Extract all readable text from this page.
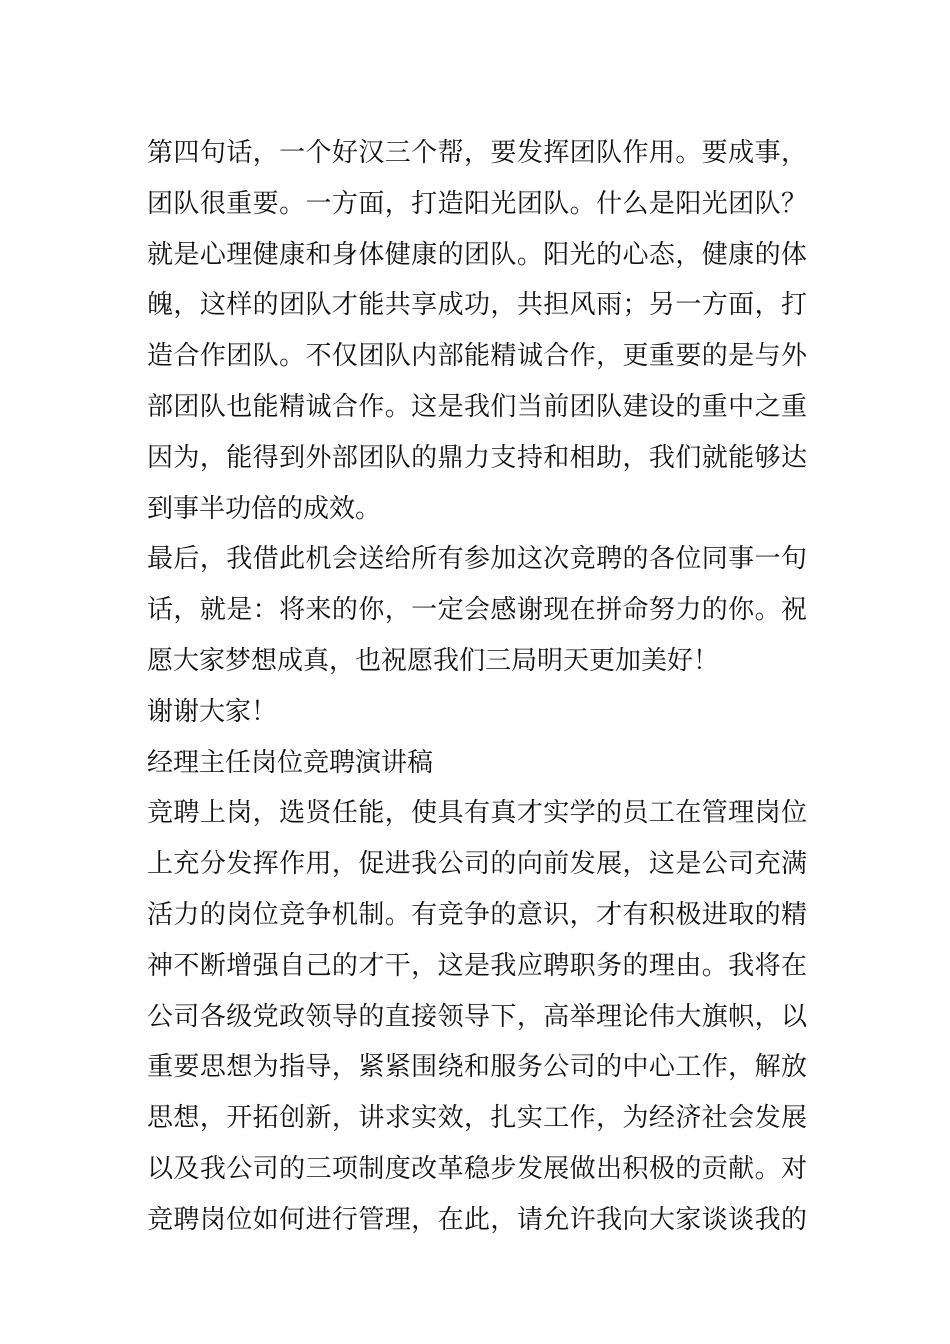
第四句话，一个好汉三个帮，要发挥团队作用。要成事，
团队很重要。一方面，打造阳光团队。什么是阳光团队？
就是心理健康和身体健康的团队。阳光的心态，健康的体
魄，这样的团队才能共享成功，共担风雨；另一方面，打
造合作团队。不仅团队内部能精诚合作，更重要的是与外
部团队也能精诚合作。这是我们当前团队建设的重中之重
因为，能得到外部团队的鼎力支持和相助，我们就能够达
到事半功倍的成效。
最后，我借此机会送给所有参加这次竞聘的各位同事一句
话，就是：将来的你，一定会感谢现在拼命努力的你。祝
愿大家梦想成真，也祝愿我们三局明天更加美好！
谢谢大家！
经理主任岗位竞聘演讲稿
竞聘上岗，选贤任能，使具有真才实学的员工在管理岗位
上充分发挥作用，促进我公司的向前发展，这是公司充满
活力的岗位竞争机制。有竞争的意识，才有积极进取的精
神不断增强自己的才干，这是我应聘职务的理由。我将在
公司各级党政领导的直接领导下，高举理论伟大旗帜，以
重要思想为指导，紧紧围绕和服务公司的中心工作，解放
思想，开拓创新，讲求实效，扎实工作，为经济社会发展
以及我公司的三项制度改革稳步发展做出积极的贡献。对
竞聘岗位如何进行管理，在此，请允许我向大家谈谈我的
